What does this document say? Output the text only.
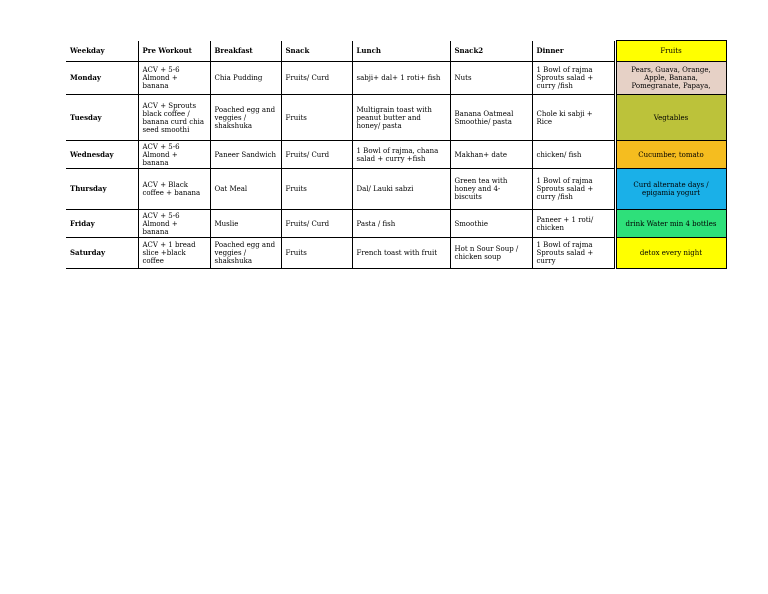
Weekday	Pre Workout	Breakfast	Snack	Lunch	Snack2	Dinner		Fruits
Monday	ACV + 5-6 Almond + banana	Chia Pudding	Fruits/ Curd	sabji+ dal+ 1 roti+ fish	Nuts	1 Bowl of rajma Sprouts salad + curry /fish		Pears, Guava, Orange, Apple, Banana, Pomegranate, Papaya,
Tuesday	ACV + Sprouts black coffee / banana curd chia seed smoothi	Poached egg and veggies / shakshuka	Fruits	Multigrain toast with peanut butter and honey/ pasta	Banana Oatmeal Smoothie/ pasta	Chole ki sabji + Rice		Vegtables
Wednesday	ACV + 5-6 Almond + banana	Paneer Sandwich	Fruits/ Curd	1 Bowl of rajma, chana salad + curry +fish	Makhan+ date	chicken/ fish		Cucumber, tomato
Thursday	ACV + Black coffee + banana	Oat Meal	Fruits	Dal/ Lauki sabzi	Green tea with honey and 4- biscuits	1 Bowl of rajma Sprouts salad + curry /fish		Curd alternate days / epigamia yogurt
Friday	ACV + 5-6 Almond + banana	Muslie	Fruits/ Curd	Pasta / fish	Smoothie	Paneer + 1 roti/ chicken		drink Water min 4 bottles
Saturday	ACV + 1 bread slice +black coffee	Poached egg and veggies / shakshuka	Fruits	French toast with fruit	Hot n Sour Soup / chicken soup	1 Bowl of rajma Sprouts salad + curry		detox every night
